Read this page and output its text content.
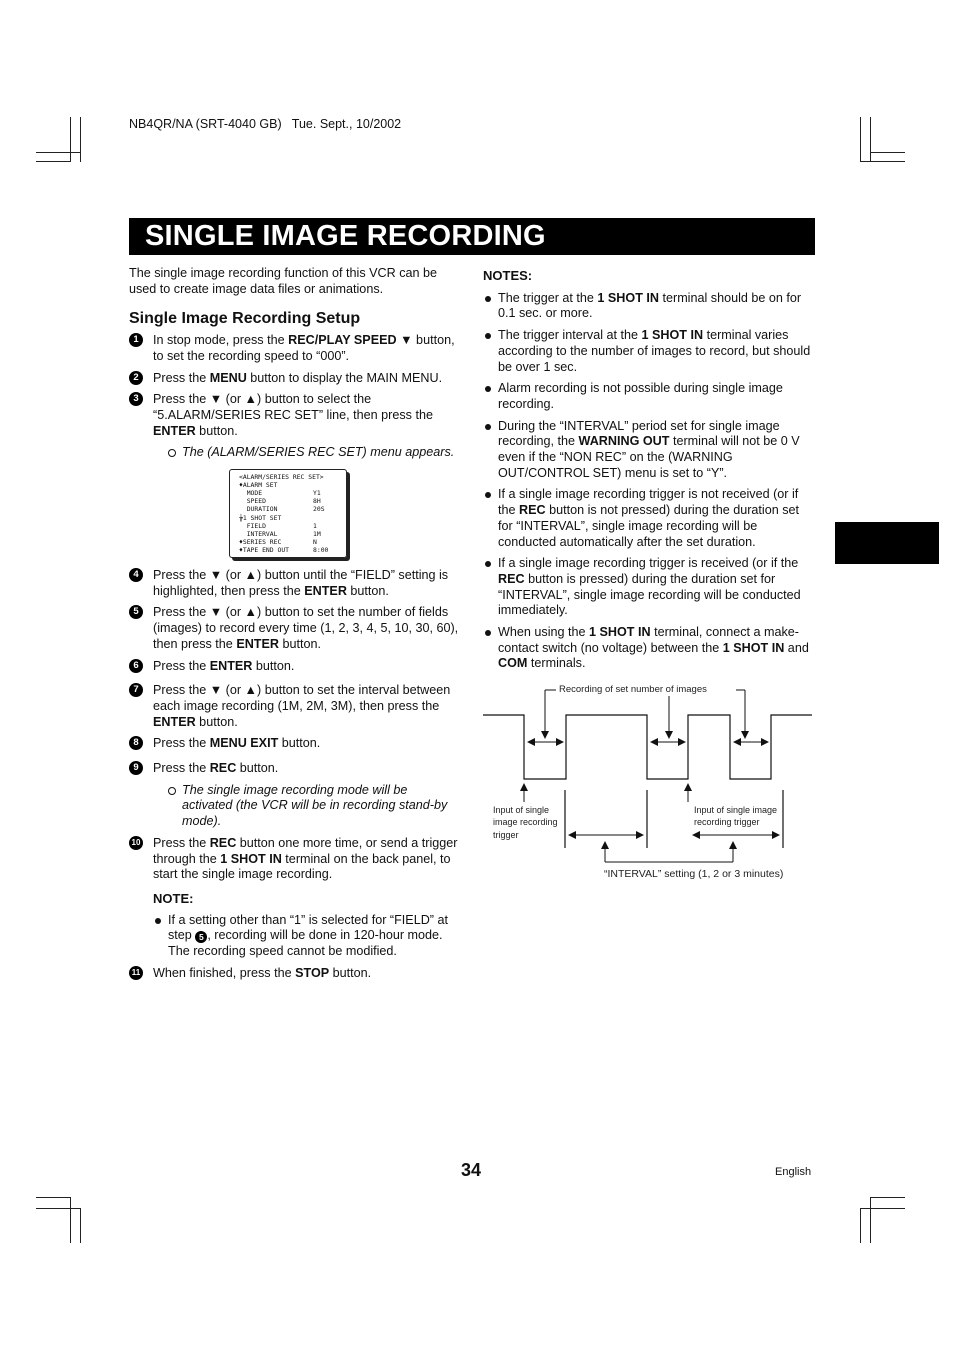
NB4QR/NA (SRT-4040 GB)   Tue. Sept., 10/2002
SINGLE IMAGE RECORDING

The single image recording function of this VCR can be used to create image data files or animations.

Single Image Recording Setup
1	In stop mode, press the REC/PLAY SPEED ▼ button, to set the recording speed to “000”.
2	Press the MENU button to display the MAIN MENU.
3	Press the ▼ (or ▲) button to select the “5.ALARM/SERIES REC SET” line, then press the ENTER button.
The (ALARM/SERIES REC SET) menu appears.
<ALARM/SERIES REC SET>
♦ALARM SET
MODE	Y1
SPEED	8H
DURATION	20S
╆1 SHOT SET
FIELD	1
INTERVAL	1M
♦SERIES REC	N
♦TAPE END OUT	8:00
4	Press the ▼ (or ▲) button until the “FIELD” setting is highlighted, then press the ENTER button.
5	Press the ▼ (or ▲) button to set the number of fields (images) to record every time (1, 2, 3, 4, 5, 10, 30, 60), then press the ENTER button.
6	Press the ENTER button.
7	Press the ▼ (or ▲) button to set the interval between each image recording (1M, 2M, 3M), then press the ENTER button.
8	Press the MENU EXIT button.
9	Press the REC button.
The single image recording mode will be activated (the VCR will be in recording stand-by mode).
10 Press the REC button one more time, or send a trigger through the 1 SHOT IN terminal on the back panel, to start the single image recording.
NOTE:
If a setting other than “1” is selected for “FIELD” at step 5 , recording will be done in 120-hour mode. The recording speed cannot be modified.
11 When finished, press the STOP button.
NOTES:
The trigger at the 1 SHOT IN terminal should be on for 0.1 sec. or more.
The trigger interval at the 1 SHOT IN terminal varies according to the number of images to record, but should be over 1 sec.
Alarm recording is not possible during single image recording.
During the “INTERVAL” period set for single image recording, the WARNING OUT terminal will not be 0 V even if the “NON REC” on the (WARNING OUT/CONTROL SET) menu is set to “Y”.
If a single image recording trigger is not received (or if the REC button is not pressed) during the duration set for “INTERVAL”, single image recording will be conducted automatically after the set duration.
If a single image recording trigger is received (or if the REC button is pressed) during the duration set for “INTERVAL”, single image recording will be conducted immediately.
When using the 1 SHOT IN terminal, connect a make-contact switch (no voltage) between the 1 SHOT IN and COM terminals.
Recording of set number of images
Input of single
image recording
trigger
Input of single image
recording trigger
“INTERVAL” setting (1, 2 or 3 minutes)
34	English
